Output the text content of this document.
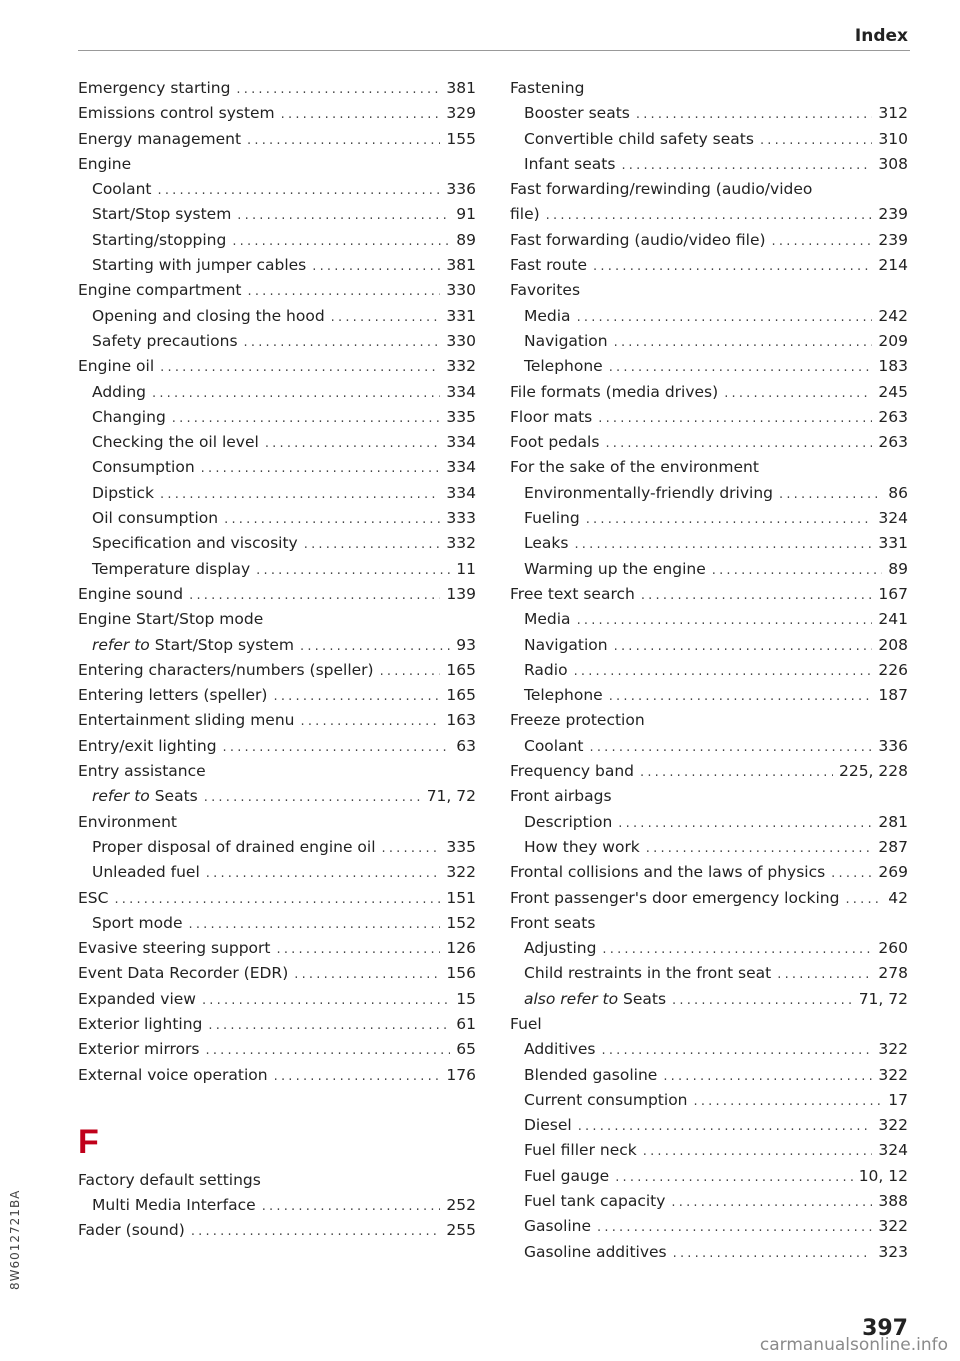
Index
Emergency starting .....	381
Emissions control system .....	329
Energy management .....	155
Engine
Coolant .....	336
Start/Stop system .....	91
Starting/stopping .....	89
Starting with jumper cables .....	381
Engine compartment .....	330
Opening and closing the hood .....	331
Safety precautions .....	330
Engine oil .....	332
Adding .....	334
Changing .....	335
Checking the oil level .....	334
Consumption .....	334
Dipstick .....	334
Oil consumption .....	333
Specification and viscosity .....	332
Temperature display .....	11
Engine sound .....	139
Engine Start/Stop mode
refer to Start/Stop system .....	93
Entering characters/numbers (speller) .....	165
Entering letters (speller) .....	165
Entertainment sliding menu .....	163
Entry/exit lighting .....	63
Entry assistance
refer to Seats .....	71, 72
Environment
Proper disposal of drained engine oil .....	335
Unleaded fuel .....	322
ESC .....	151
Sport mode .....	152
Evasive steering support .....	126
Event Data Recorder (EDR) .....	156
Expanded view .....	15
Exterior lighting .....	61
Exterior mirrors .....	65
External voice operation .....	176
F
Factory default settings
Multi Media Interface .....	252
Fader (sound) .....	255
Fastening
Booster seats .....	312
Convertible child safety seats .....	310
Infant seats .....	308
Fast forwarding/rewinding (audio/video
file) .....	239
Fast forwarding (audio/video file) .....	239
Fast route .....	214
Favorites
Media .....	242
Navigation .....	209
Telephone .....	183
File formats (media drives) .....	245
Floor mats .....	263
Foot pedals .....	263
For the sake of the environment
Environmentally-friendly driving .....	86
Fueling .....	324
Leaks .....	331
Warming up the engine .....	89
Free text search .....	167
Media .....	241
Navigation .....	208
Radio .....	226
Telephone .....	187
Freeze protection
Coolant .....	336
Frequency band .....	225, 228
Front airbags
Description .....	281
How they work .....	287
Frontal collisions and the laws of physics .....	269
Front passenger's door emergency locking .....	42
Front seats
Adjusting .....	260
Child restraints in the front seat .....	278
also refer to Seats .....	71, 72
Fuel
Additives .....	322
Blended gasoline .....	322
Current consumption .....	17
Diesel .....	322
Fuel filler neck .....	324
Fuel gauge .....	10, 12
Fuel tank capacity .....	388
Gasoline .....	322
Gasoline additives .....	323
8W6012721BA
397
carmanualsonline.info
